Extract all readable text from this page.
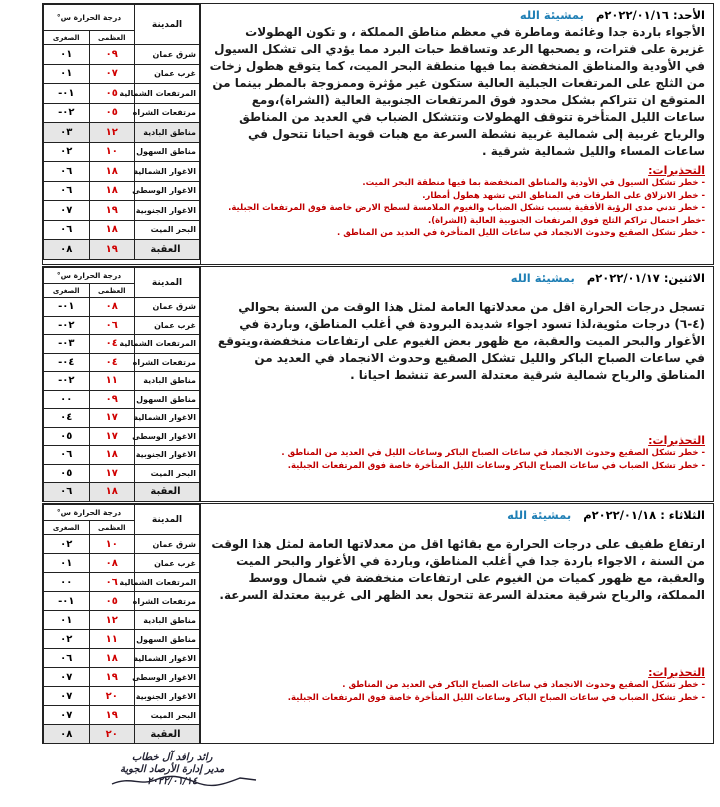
الأحد: ٢٠٢٢/٠١/١٦م بمشيئة الله
الأجواء باردة جدا وغائمة وماطرة في معظم مناطق المملكة ، و تكون الهطولات غزيرة على فترات، و يصحبها الرعد وتساقط حبات البرد مما يؤدي الى تشكل السيول في الأودية والمناطق المنخفضة بما فيها منطقة البحر الميت، كما يتوقع هطول زخات من الثلج على المرتفعات الجبلية العالية ستكون غير مؤثرة وممزوجة بالمطر بينما من المتوقع ان تتراكم بشكل محدود فوق المرتفعات الجنوبية العالية (الشراة)،ومع ساعات الليل المتأخرة تتوقف الهطولات وتتشكل الضباب في العديد من المناطق والرياح غربية إلى شمالية غربية نشطة السرعة مع هبات قوية احيانا تتحول في ساعات المساء والليل شمالية شرقية .
التحذيرات:
- خطر تشكل السيول في الأودية والمناطق المنخفضة بما فيها منطقة البحر الميت.
- خطر الانزلاق على الطرقات في المناطق التي تشهد هطول أمطار.
- خطر تدني مدى الرؤية الأفقية بسبب تشكل الضباب والغيوم الملامسة لسطح الارض خاصة فوق المرتفعات الجبلية.
-خطر احتمال تراكم الثلج فوق المرتفعات الجنوبية العالية (الشراة).
- خطر تشكل الصقيع وحدوث الانجماد في ساعات الليل المتأخرة في العديد من المناطق .
المدينة	درجة الحرارة س°	
	العظمى	الصغرى
شرق عمان	٠٩	٠١
غرب عمان	٠٧	٠١
المرتفعات الشمالية	٠٥	٠١-
مرتفعات الشراه	٠٥	٠٢-
مناطق البادية	١٢	٠٣
مناطق السهول	١٠	٠٢
الاغوار الشمالية	١٨	٠٦
الاغوار الوسطى	١٨	٠٦
الاغوار الجنوبية	١٩	٠٧
البحر الميت	١٨	٠٦
العقبة	١٩	٠٨
الاثنين: ٢٠٢٢/٠١/١٧م بمشيئة الله
تسجل درجات الحرارة اقل من معدلاتها العامة لمثل هذا الوقت من السنة بحوالي (٤-٦) درجات مئوية،لذا تسود اجواء شديدة البرودة في أغلب المناطق، وباردة في الأغوار والبحر الميت والعقبة، مع ظهور بعض الغيوم على ارتفاعات منخفضة،ويتوقع في ساعات الصباح الباكر والليل تشكل الصقيع وحدوث الانجماد في العديد من المناطق والرياح شمالية شرقية معتدلة السرعة تنشط احيانا .
التحذيرات:
- خطر تشكل الصقيع وحدوث الانجماد في ساعات الصباح الباكر وساعات الليل في العديد من المناطق .
- خطر تشكل الضباب في ساعات الصباح الباكر وساعات الليل المتأخرة خاصة فوق المرتفعات الجبلية.
المدينة	درجة الحرارة س°	
	العظمى	الصغرى
شرق عمان	٠٨	٠١-
غرب عمان	٠٦	٠٢-
المرتفعات الشمالية	٠٤	٠٣-
مرتفعات الشراه	٠٤	٠٤-
مناطق البادية	١١	٠٢-
مناطق السهول	٠٩	٠٠
الاغوار الشمالية	١٧	٠٤
الاغوار الوسطى	١٧	٠٥
الاغوار الجنوبية	١٨	٠٦
البحر الميت	١٧	٠٥
العقبة	١٨	٠٦
الثلاثاء : ٢٠٢٢/٠١/١٨م بمشيئة الله
ارتفاع طفيف على درجات الحرارة مع بقائها اقل من معدلاتها العامة لمثل هذا الوقت من السنة ، الاجواء باردة جدا في أغلب المناطق، وباردة في الأغوار والبحر الميت والعقبة، مع ظهور كميات من الغيوم على ارتفاعات منخفضة في شمال ووسط المملكة، والرياح شرقية معتدلة السرعة تتحول بعد الظهر الى غربية معتدلة السرعة.
التحذيرات:
- خطر تشكل الصقيع وحدوث الانجماد في ساعات الصباح الباكر في العديد من المناطق .
- خطر تشكل الضباب في ساعات الصباح الباكر وساعات الليل المتأخرة خاصة فوق المرتفعات الجبلية.
المدينة	درجة الحرارة س°	
	العظمى	الصغرى
شرق عمان	١٠	٠٢
غرب عمان	٠٨	٠١
المرتفعات الشمالية	٠٦	٠٠
مرتفعات الشراه	٠٥	٠١-
مناطق البادية	١٢	٠١
مناطق السهول	١١	٠٢
الاغوار الشمالية	١٨	٠٦
الاغوار الوسطى	١٩	٠٧
الاغوار الجنوبية	٢٠	٠٧
البحر الميت	١٩	٠٧
العقبة	٢٠	٠٨
رائد رافد آل خطاب
مدير إدارة الأرصاد الجوية
٢٠٢٢/٠١/١٤
